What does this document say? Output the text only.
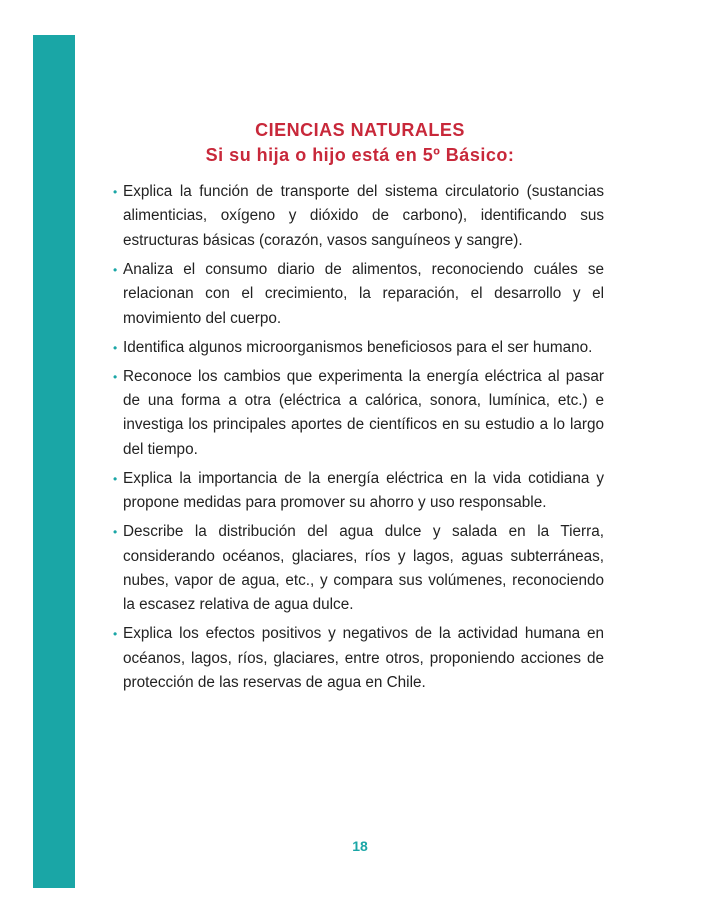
CIENCIAS NATURALES
Si su hija o hijo está en 5º Básico:
• Explica la función de transporte del sistema circulatorio (sustancias alimenticias, oxígeno y dióxido de carbono), identificando sus estructuras básicas (corazón, vasos sanguíneos y sangre).
• Analiza el consumo diario de alimentos, reconociendo cuáles se relacionan con el crecimiento, la reparación, el desarrollo y el movimiento del cuerpo.
• Identifica algunos microorganismos beneficiosos para el ser humano.
• Reconoce los cambios que experimenta la energía eléctrica al pasar de una forma a otra (eléctrica a calórica, sonora, lumínica, etc.) e investiga los principales aportes de científicos en su estudio a lo largo del tiempo.
• Explica la importancia de la energía eléctrica en la vida cotidiana y propone medidas para promover su ahorro y uso responsable.
• Describe la distribución del agua dulce y salada en la Tierra, considerando océanos, glaciares, ríos y lagos, aguas subterráneas, nubes, vapor de agua, etc., y compara sus volúmenes, reconociendo la escasez relativa de agua dulce.
• Explica los efectos positivos y negativos de la actividad humana en océanos, lagos, ríos, glaciares, entre otros, proponiendo acciones de protección de las reservas de agua en Chile.
18
